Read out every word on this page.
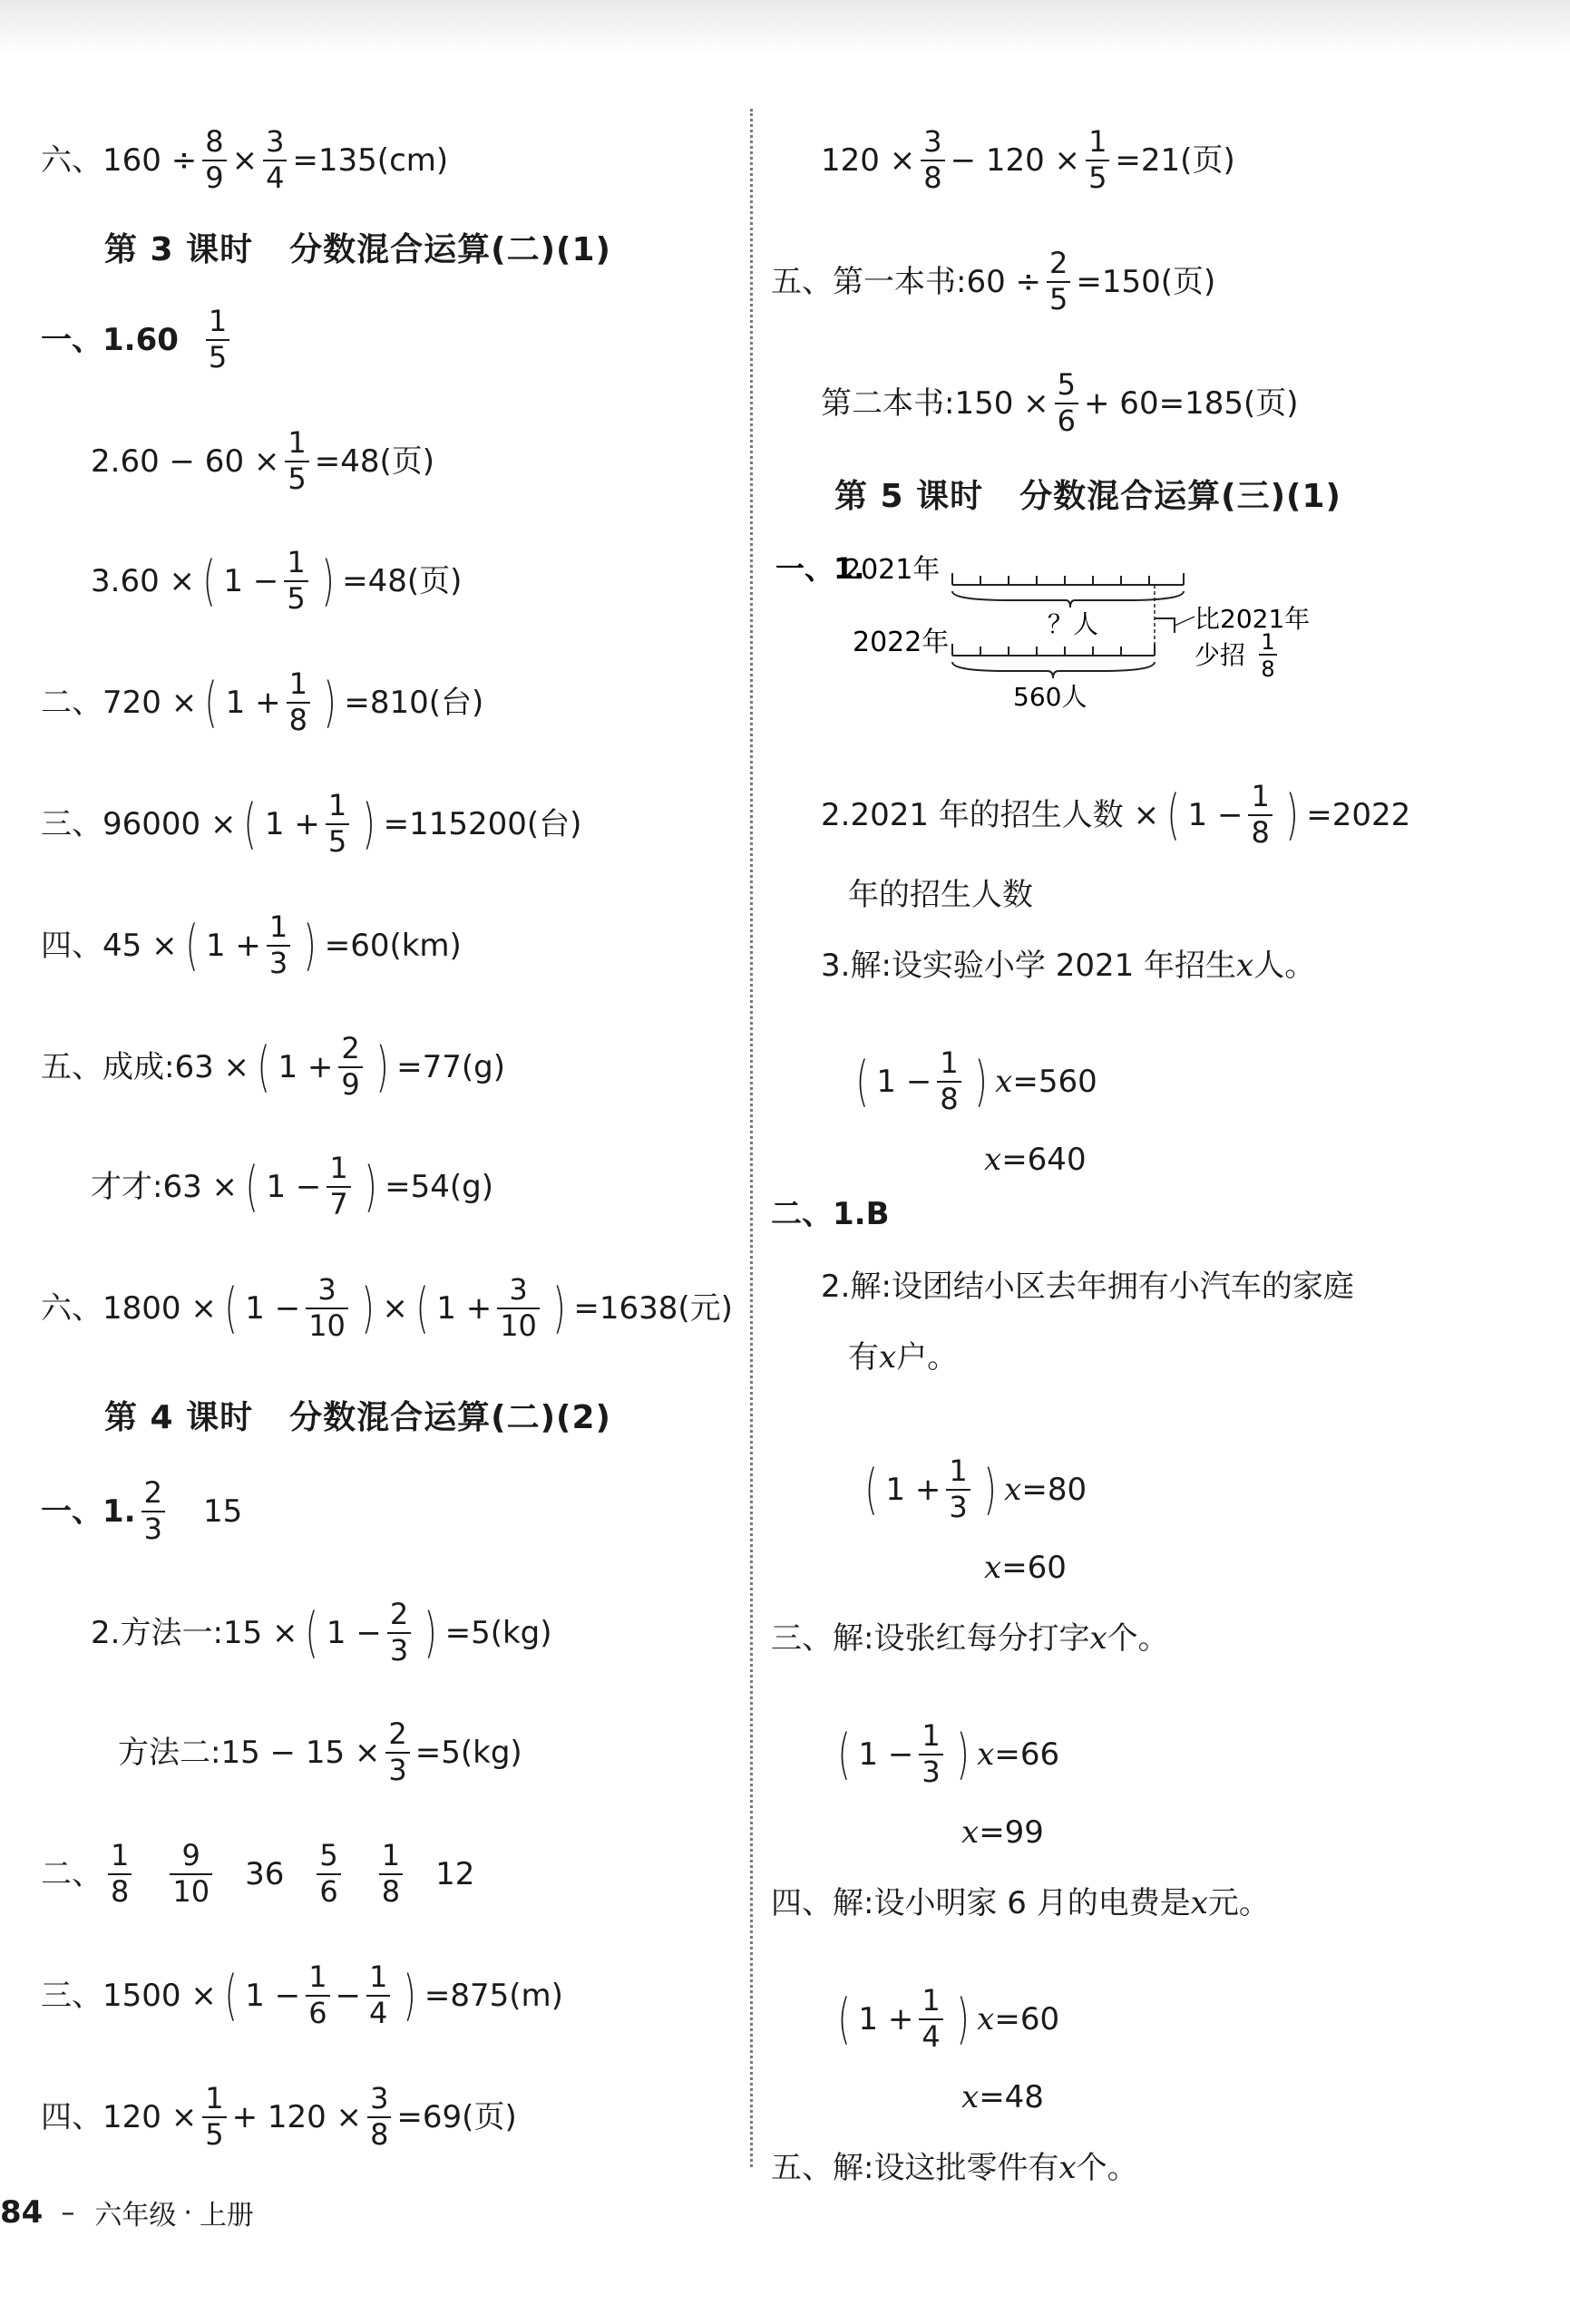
六、$160 \div \frac{8}{9} \times \frac{3}{4} =135(cm)$
第 3 课时 分数混合运算(二)(1)
一、$1.60 \frac{1}{5}$
$2.60 - 60 \times \frac{1}{5} =48$(页)
3.60 × ( $1 - \frac{1}{5}$ ) =48(页)
二、720 × ( $1 + \frac{1}{8}$ ) =810(台)
三、96000 × ( $1 + \frac{1}{5}$ ) =115200(台)
四、45 × ( $1 + \frac{1}{3}$ ) =60(km)
五、成成:63 × ( $1 + \frac{2}{9}$ ) =77(g)
才才:63 × ( $1 - \frac{1}{7}$ ) =54(g)
六、1800 × ( $1 - \frac{3}{10}$ ) × ( $1 + \frac{3}{10}$ ) =1638(元)
第 4 课时 分数混合运算(二)(2)
一、1. $\frac{2}{3} 15$
2.方法一:15 × ( $1 - \frac{2}{3}$ ) =5(kg)
方法二:15 − $15 \times \frac{2}{3} =5(kg)$
二、 $\frac{1}{8} \frac{9}{10} 36 \frac{5}{6} \frac{1}{8} 12$
三、1500 × ( $1 - \frac{1}{6} - \frac{1}{4}$ ) =875(m)
四、$120 \times \frac{1}{5} + 120 \times \frac{3}{8} =69$(页)
$120 \times \frac{3}{8} - 120 \times \frac{1}{5} =21$(页)
五、第一本书:60 ÷ $\frac{2}{5} =150$(页)
第二本书:150 × $\frac{5}{6} + 60=185$(页)
第 5 课时 分数混合运算(三)(1)
一、1.
2021年
？人	比2021年
少招 1
8
2022年
560人
2.2021 年的招生人数 × ( $1 - \frac{1}{8}$ ) =2022
年的招生人数
3.解:设实验小学 2021 年招生 x 人。
( $1 - \frac{1}{8}$ ) x =560
x =640
二、1.B
2.解:设团结小区去年拥有小汽车的家庭
有 x 户。
( $1 + \frac{1}{3}$ ) x =80
x =60
三、解:设张红每分打字 x 个。
( $1 - \frac{1}{3}$ ) x =66
x =99
四、解:设小明家 6 月的电费是 x 元。
( $1 + \frac{1}{4}$ ) x =60
x =48
五、解:设这批零件有 x 个。
84 – 六年级 · 上册
